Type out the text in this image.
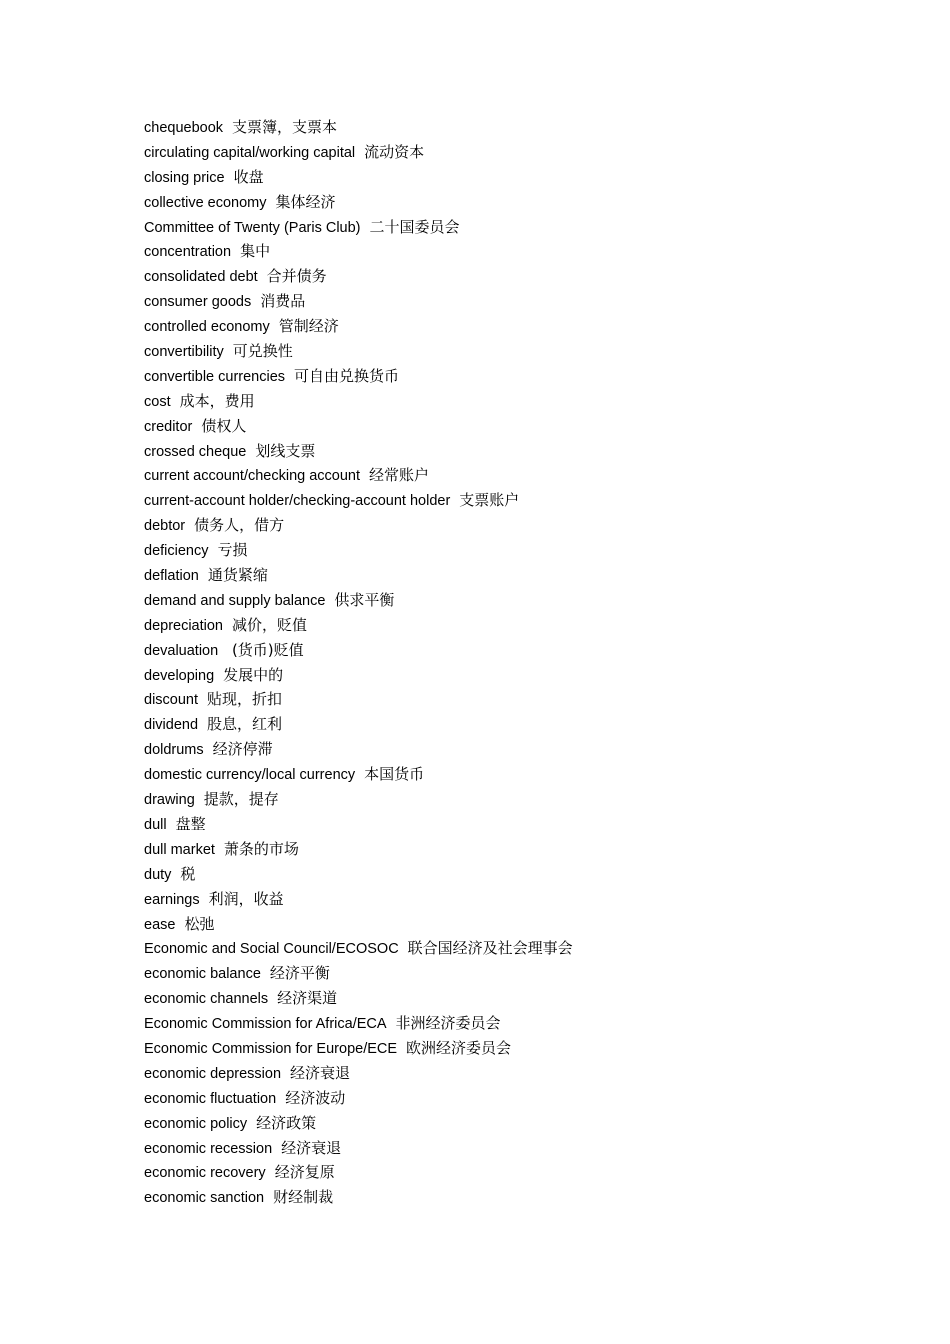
chequebook 支票簿，支票本
circulating capital/working capital 流动资本
closing price 收盘
collective economy 集体经济
Committee of Twenty (Paris Club) 二十国委员会
concentration 集中
consolidated debt 合并债务
consumer goods 消费品
controlled economy 管制经济
convertibility 可兑换性
convertible currencies 可自由兑换货币
cost 成本，费用
creditor 债权人
crossed cheque 划线支票
current account/checking account 经常账户
current-account holder/checking-account holder 支票账户
debtor 债务人，借方
deficiency 亏损
deflation 通货紧缩
demand and supply balance 供求平衡
depreciation 减价，贬值
devaluation (货币)贬值
developing 发展中的
discount 贴现，折扣
dividend 股息，红利
doldrums 经济停滞
domestic currency/local currency 本国货币
drawing 提款，提存
dull 盘整
dull market 萧条的市场
duty 税
earnings 利润，收益
ease 松弛
Economic and Social Council/ECOSOC 联合国经济及社会理事会
economic balance 经济平衡
economic channels 经济渠道
Economic Commission for Africa/ECA 非洲经济委员会
Economic Commission for Europe/ECE 欧洲经济委员会
economic depression 经济衰退
economic fluctuation 经济波动
economic policy 经济政策
economic recession 经济衰退
economic recovery 经济复原
economic sanction 财经制裁
